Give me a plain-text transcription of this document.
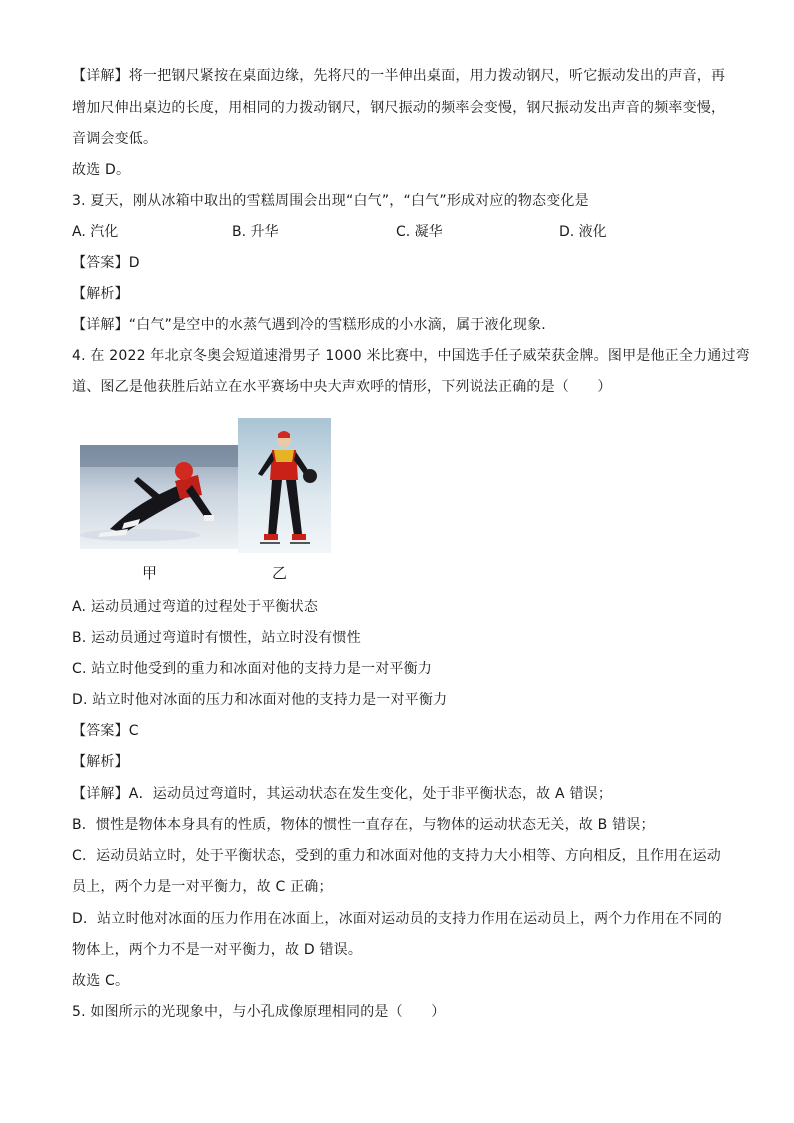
【详解】将一把钢尺紧按在桌面边缘，先将尺的一半伸出桌面，用力拨动钢尺，听它振动发出的声音，再
增加尺伸出桌边的长度，用相同的力拨动钢尺，钢尺振动的频率会变慢，钢尺振动发出声音的频率变慢，
音调会变低。
故选 D。
3. 夏天，刚从冰箱中取出的雪糕周围会出现“白气”，“白气”形成对应的物态变化是
A. 汽化	B. 升华	C. 凝华	D. 液化
【答案】D
【解析】
【详解】“白气”是空中的水蒸气遇到冷的雪糕形成的小水滴，属于液化现象.
4. 在 2022 年北京冬奥会短道速滑男子 1000 米比赛中，中国选手任子威荣获金牌。图甲是他正全力通过弯
道、图乙是他获胜后站立在水平赛场中央大声欢呼的情形，下列说法正确的是（　　）
甲	乙
A. 运动员通过弯道的过程处于平衡状态
B. 运动员通过弯道时有惯性，站立时没有惯性
C. 站立时他受到的重力和冰面对他的支持力是一对平衡力
D. 站立时他对冰面的压力和冰面对他的支持力是一对平衡力
【答案】C
【解析】
【详解】A．运动员过弯道时，其运动状态在发生变化，处于非平衡状态，故 A 错误；
B．惯性是物体本身具有的性质，物体的惯性一直存在，与物体的运动状态无关，故 B 错误；
C．运动员站立时，处于平衡状态，受到的重力和冰面对他的支持力大小相等、方向相反，且作用在运动
员上，两个力是一对平衡力，故 C 正确；
D．站立时他对冰面的压力作用在冰面上，冰面对运动员的支持力作用在运动员上，两个力作用在不同的
物体上，两个力不是一对平衡力，故 D 错误。
故选 C。
5. 如图所示的光现象中，与小孔成像原理相同的是（　　）
